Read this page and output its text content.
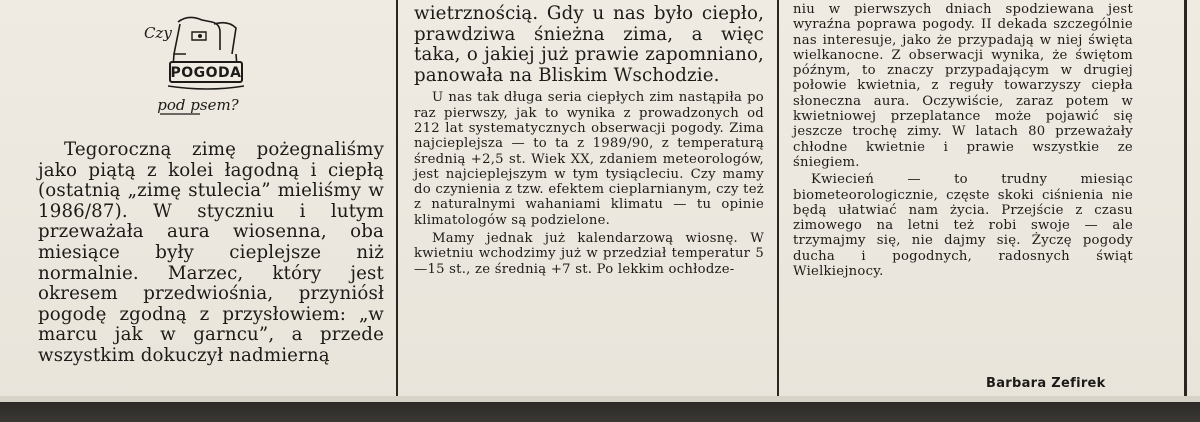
Czy
POGODA
pod psem?

Tegoroczną zimę pożegnaliśmy jako piątą z kolei łagodną i ciepłą (ostatnią „zimę stulecia” mieliśmy w 1986/87). W styczniu i lutym przeważała aura wiosenna, oba miesiące były cieplejsze niż normalnie. Marzec, który jest okresem przedwiośnia, przyniósł pogodę zgodną z przysłowiem: „w marcu jak w garncu”, a przede wszystkim dokuczył nadmierną

wietrznością. Gdy u nas było ciepło, prawdziwa śnieżna zima, a więc taka, o jakiej już prawie zapomniano, panowała na Bliskim Wschodzie.

U nas tak długa seria ciepłych zim nastąpiła po raz pierwszy, jak to wynika z prowadzonych od 212 lat systematycznych obserwacji pogody. Zima najcieplejsza — to ta z 1989/90, z temperaturą średnią +2,5 st. Wiek XX, zdaniem meteorologów, jest najcieplejszym w tym tysiącleciu. Czy mamy do czynienia z tzw. efektem cieplarnianym, czy też z naturalnymi wahaniami klimatu — tu opinie klimatologów są podzielone.

Mamy jednak już kalendarzową wiosnę. W kwietniu wchodzimy już w przedział temperatur 5—15 st., ze średnią +7 st. Po lekkim ochłodze-

niu w pierwszych dniach spodziewana jest wyraźna poprawa pogody. II dekada szczególnie nas interesuje, jako że przypadają w niej święta wielkanocne. Z obserwacji wynika, że świętom późnym, to znaczy przypadającym w drugiej połowie kwietnia, z reguły towarzyszy ciepła słoneczna aura. Oczywiście, zaraz potem w kwietniowej przeplatance może pojawić się jeszcze trochę zimy. W latach 80 przeważały chłodne kwietnie i prawie wszystkie ze śniegiem.

Kwiecień — to trudny miesiąc biometeorologicznie, częste skoki ciśnienia nie będą ułatwiać nam życia. Przejście z czasu zimowego na letni też robi swoje — ale trzymajmy się, nie dajmy się. Życzę pogody ducha i pogodnych, radosnych świąt Wielkiejnocy.

Barbara Zefirek
